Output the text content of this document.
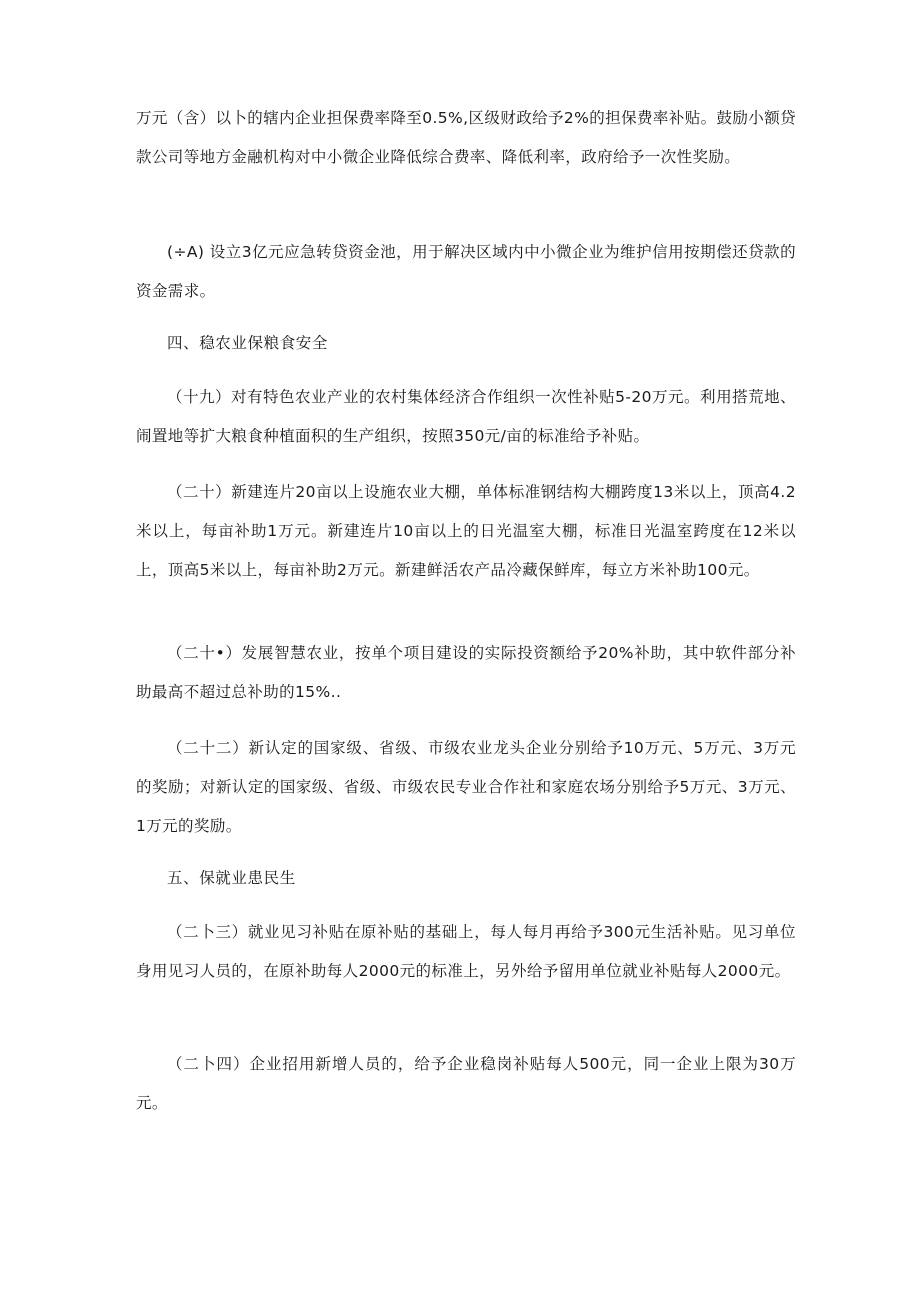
万元（含）以卜的辖内企业担保费率降至0.5%,区级财政给予2%的担保费率补贴。鼓励小额贷款公司等地方金融机构对中小微企业降低综合费率、降低利率，政府给予一次性奖励。

(÷A) 设立3亿元应急转贷资金池，用于解决区域内中小微企业为维护信用按期偿还贷款的资金需求。

四、稳农业保粮食安全

（十九）对有特色农业产业的农村集体经济合作组织一次性补贴5-20万元。利用搭荒地、闹置地等扩大粮食种植面积的生产组织，按照350元/亩的标准给予补贴。

（二十）新建连片20亩以上设施农业大棚，单体标准钢结构大棚跨度13米以上，顶高4.2米以上，每亩补助1万元。新建连片10亩以上的日光温室大棚，标准日光温室跨度在12米以上，顶高5米以上，每亩补助2万元。新建鲜活农产品冷藏保鲜库，每立方米补助100元。

（二十•）发展智慧农业，按单个项目建设的实际投资额给予20%补助，其中软件部分补助最高不超过总补助的15%..

（二十二）新认定的国家级、省级、市级农业龙头企业分别给予10万元、5万元、3万元的奖励；对新认定的国家级、省级、市级农民专业合作社和家庭农场分别给予5万元、3万元、1万元的奖励。

五、保就业患民生

（二卜三）就业见习补贴在原补贴的基础上，每人每月再给予300元生活补贴。见习单位身用见习人员的，在原补助每人2000元的标准上，另外给予留用单位就业补贴每人2000元。

（二卜四）企业招用新增人员的，给予企业稳岗补贴每人500元，同一企业上限为30万元。
